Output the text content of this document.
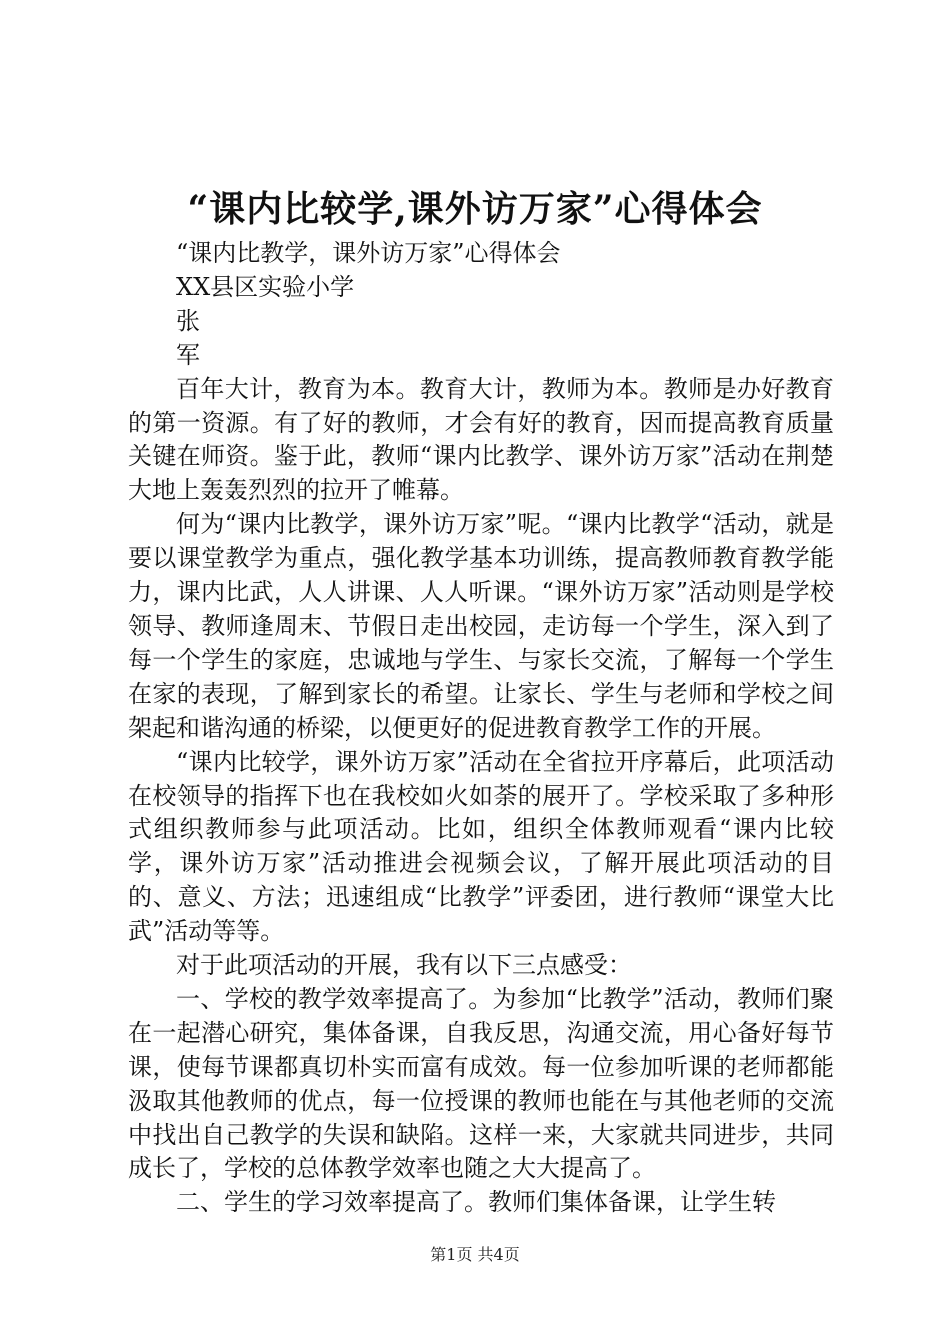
“课内比较学,课外访万家”心得体会

“课内比教学，课外访万家”心得体会

XX县区实验小学

张

军

百年大计，教育为本。教育大计，教师为本。教师是办好教育的第一资源。有了好的教师，才会有好的教育，因而提高教育质量关键在师资。鉴于此，教师“课内比教学、课外访万家”活动在荆楚大地上轰轰烈烈的拉开了帷幕。

何为“课内比教学，课外访万家”呢。“课内比教学“活动，就是要以课堂教学为重点，强化教学基本功训练，提高教师教育教学能力，课内比武，人人讲课、人人听课。“课外访万家”活动则是学校领导、教师逢周末、节假日走出校园，走访每一个学生，深入到了每一个学生的家庭，忠诚地与学生、与家长交流，了解每一个学生在家的表现，了解到家长的希望。让家长、学生与老师和学校之间架起和谐沟通的桥梁，以便更好的促进教育教学工作的开展。

“课内比较学，课外访万家”活动在全省拉开序幕后，此项活动在校领导的指挥下也在我校如火如荼的展开了。学校采取了多种形式组织教师参与此项活动。比如，组织全体教师观看“课内比较学，课外访万家”活动推进会视频会议，了解开展此项活动的目的、意义、方法；迅速组成“比教学”评委团，进行教师“课堂大比武”活动等等。

对于此项活动的开展，我有以下三点感受：

一、学校的教学效率提高了。为参加“比教学”活动，教师们聚在一起潜心研究，集体备课，自我反思，沟通交流，用心备好每节课，使每节课都真切朴实而富有成效。每一位参加听课的老师都能汲取其他教师的优点，每一位授课的教师也能在与其他老师的交流中找出自己教学的失误和缺陷。这样一来，大家就共同进步，共同成长了，学校的总体教学效率也随之大大提高了。

二、学生的学习效率提高了。教师们集体备课，让学生转

第1页 共4页
